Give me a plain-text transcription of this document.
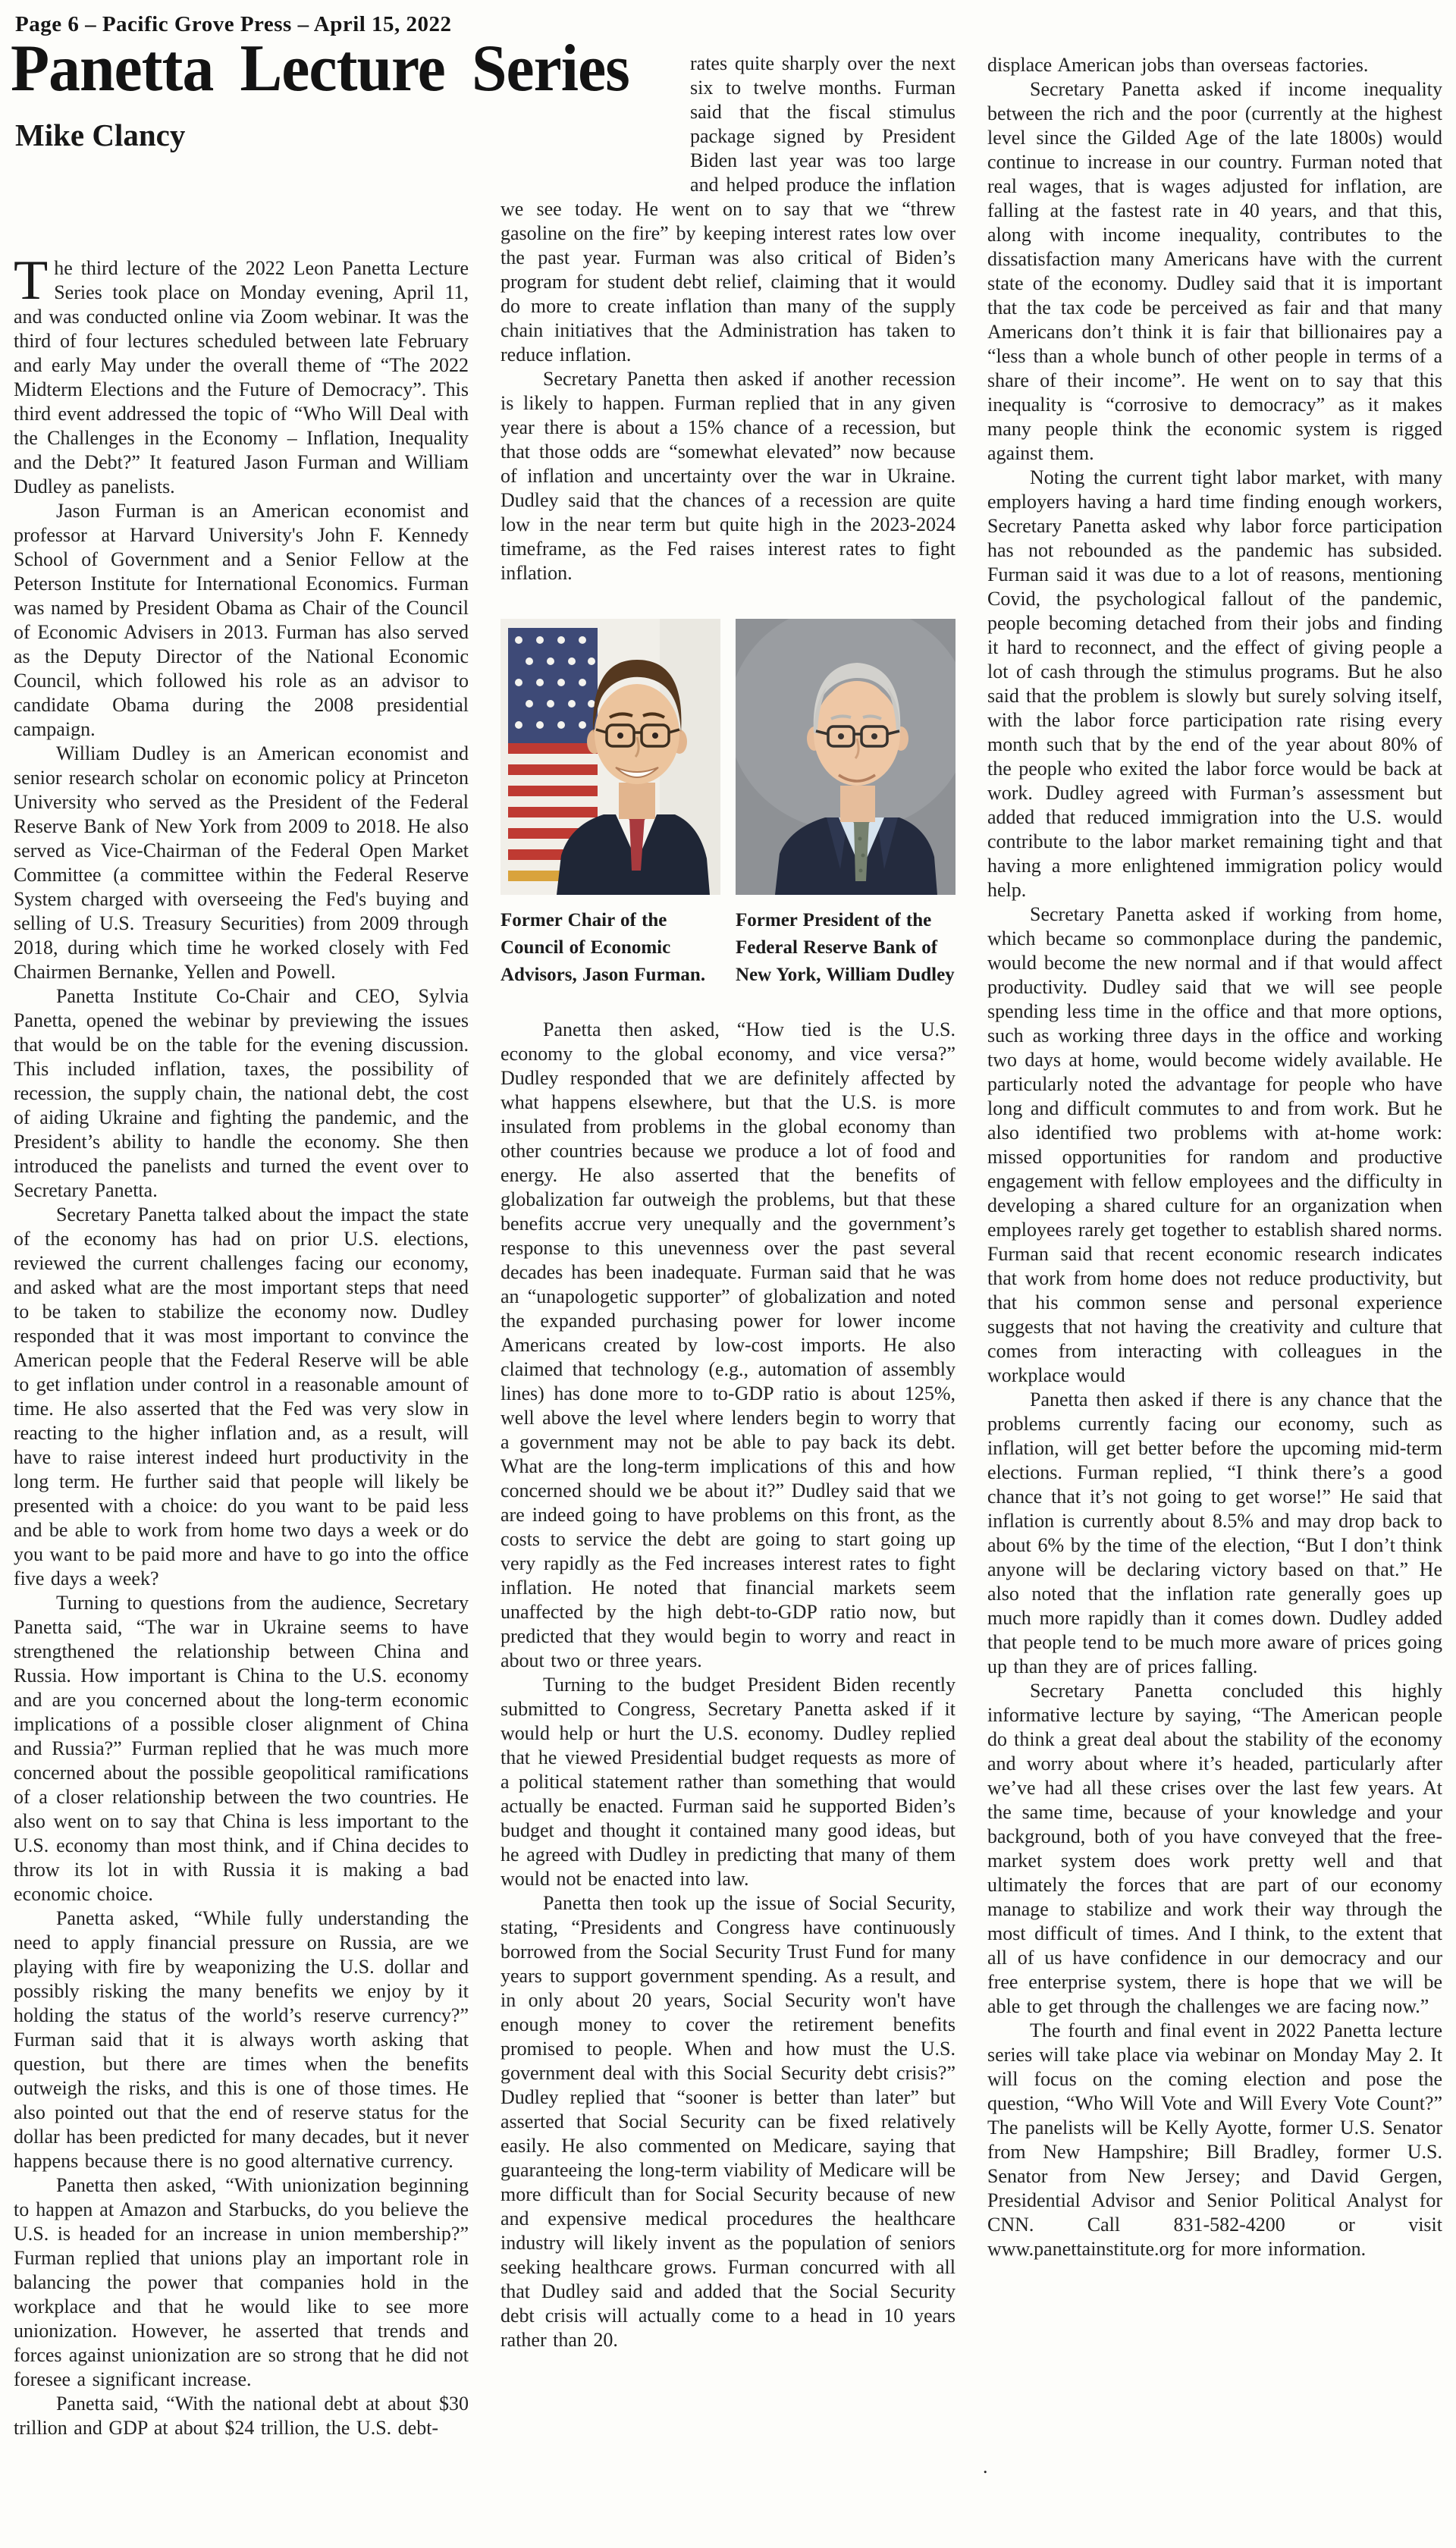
Page 6 – Pacific Grove Press – April 15, 2022
Panetta Lecture Series
Mike Clancy

The third lecture of the 2022 Leon Panetta Lecture Series took place on Monday evening, April 11, and was conducted online via Zoom webinar. It was the third of four lectures scheduled between late February and early May under the overall theme of “The 2022 Midterm Elections and the Future of Democracy”. This third event addressed the topic of “Who Will Deal with the Challenges in the Economy – Inflation, Inequality and the Debt?” It featured Jason Furman and William Dudley as panelists.

Jason Furman is an American economist and professor at Harvard University's John F. Kennedy School of Government and a Senior Fellow at the Peterson Institute for International Economics. Furman was named by President Obama as Chair of the Council of Economic Advisers in 2013. Furman has also served as the Deputy Director of the National Economic Council, which followed his role as an advisor to candidate Obama during the 2008 presidential campaign.

William Dudley is an American economist and senior research scholar on economic policy at Princeton University who served as the President of the Federal Reserve Bank of New York from 2009 to 2018. He also served as Vice-Chairman of the Federal Open Market Committee (a committee within the Federal Reserve System charged with overseeing the Fed's buying and selling of U.S. Treasury Securities) from 2009 through 2018, during which time he worked closely with Fed Chairmen Bernanke, Yellen and Powell.

Panetta Institute Co-Chair and CEO, Sylvia Panetta, opened the webinar by previewing the issues that would be on the table for the evening discussion. This included inflation, taxes, the possibility of recession, the supply chain, the national debt, the cost of aiding Ukraine and fighting the pandemic, and the President’s ability to handle the economy. She then introduced the panelists and turned the event over to Secretary Panetta.

Secretary Panetta talked about the impact the state of the economy has had on prior U.S. elections, reviewed the current challenges facing our economy, and asked what are the most important steps that need to be taken to stabilize the economy now. Dudley responded that it was most important to convince the American people that the Federal Reserve will be able to get inflation under control in a reasonable amount of time. He also asserted that the Fed was very slow in reacting to the higher inflation and, as a result, will have to raise interest indeed hurt productivity in the long term. He further said that people will likely be presented with a choice: do you want to be paid less and be able to work from home two days a week or do you want to be paid more and have to go into the office five days a week?

Turning to questions from the audience, Secretary Panetta said, “The war in Ukraine seems to have strengthened the relationship between China and Russia. How important is China to the U.S. economy and are you concerned about the long-term economic implications of a possible closer alignment of China and Russia?” Furman replied that he was much more concerned about the possible geopolitical ramifications of a closer relationship between the two countries. He also went on to say that China is less important to the U.S. economy than most think, and if China decides to throw its lot in with Russia it is making a bad economic choice.

Panetta asked, “While fully understanding the need to apply financial pressure on Russia, are we playing with fire by weaponizing the U.S. dollar and possibly risking the many benefits we enjoy by it holding the status of the world’s reserve currency?” Furman said that it is always worth asking that question, but there are times when the benefits outweigh the risks, and this is one of those times. He also pointed out that the end of reserve status for the dollar has been predicted for many decades, but it never happens because there is no good alternative currency.

Panetta then asked, “With unionization beginning to happen at Amazon and Starbucks, do you believe the U.S. is headed for an increase in union membership?” Furman replied that unions play an important role in balancing the power that companies hold in the workplace and that he would like to see more unionization. However, he asserted that trends and forces against unionization are so strong that he did not foresee a significant increase.

Panetta said, “With the national debt at about $30 trillion and GDP at about $24 trillion, the U.S. debt-

rates quite sharply over the next six to twelve months. Furman said that the fiscal stimulus package signed by President Biden last year was too large and helped produce the inflation we see today. He went on to say that we “threw gasoline on the fire” by keeping interest rates low over the past year. Furman was also critical of Biden’s program for student debt relief, claiming that it would do more to create inflation than many of the supply chain initiatives that the Administration has taken to reduce inflation.

Secretary Panetta then asked if another recession is likely to happen. Furman replied that in any given year there is about a 15% chance of a recession, but that those odds are “somewhat elevated” now because of inflation and uncertainty over the war in Ukraine. Dudley said that the chances of a recession are quite low in the near term but quite high in the 2023-2024 timeframe, as the Fed raises interest rates to fight inflation.

Former Chair of the Council of Economic Advisors, Jason Furman.
Former President of the Federal Reserve Bank of New York, William Dudley

Panetta then asked, “How tied is the U.S. economy to the global economy, and vice versa?” Dudley responded that we are definitely affected by what happens elsewhere, but that the U.S. is more insulated from problems in the global economy than other countries because we produce a lot of food and energy. He also asserted that the benefits of globalization far outweigh the problems, but that these benefits accrue very unequally and the government’s response to this unevenness over the past several decades has been inadequate. Furman said that he was an “unapologetic supporter” of globalization and noted the expanded purchasing power for lower income Americans created by low-cost imports. He also claimed that technology (e.g., automation of assembly lines) has done more to to-GDP ratio is about 125%, well above the level where lenders begin to worry that a government may not be able to pay back its debt. What are the long-term implications of this and how concerned should we be about it?” Dudley said that we are indeed going to have problems on this front, as the costs to service the debt are going to start going up very rapidly as the Fed increases interest rates to fight inflation. He noted that financial markets seem unaffected by the high debt-to-GDP ratio now, but predicted that they would begin to worry and react in about two or three years.

Turning to the budget President Biden recently submitted to Congress, Secretary Panetta asked if it would help or hurt the U.S. economy. Dudley replied that he viewed Presidential budget requests as more of a political statement rather than something that would actually be enacted. Furman said he supported Biden’s budget and thought it contained many good ideas, but he agreed with Dudley in predicting that many of them would not be enacted into law.

Panetta then took up the issue of Social Security, stating, “Presidents and Congress have continuously borrowed from the Social Security Trust Fund for many years to support government spending. As a result, and in only about 20 years, Social Security won't have enough money to cover the retirement benefits promised to people. When and how must the U.S. government deal with this Social Security debt crisis?” Dudley replied that “sooner is better than later” but asserted that Social Security can be fixed relatively easily. He also commented on Medicare, saying that guaranteeing the long-term viability of Medicare will be more difficult than for Social Security because of new and expensive medical procedures the healthcare industry will likely invent as the population of seniors seeking healthcare grows. Furman concurred with all that Dudley said and added that the Social Security debt crisis will actually come to a head in 10 years rather than 20.

displace American jobs than overseas factories.

Secretary Panetta asked if income inequality between the rich and the poor (currently at the highest level since the Gilded Age of the late 1800s) would continue to increase in our country. Furman noted that real wages, that is wages adjusted for inflation, are falling at the fastest rate in 40 years, and that this, along with income inequality, contributes to the dissatisfaction many Americans have with the current state of the economy. Dudley said that it is important that the tax code be perceived as fair and that many Americans don’t think it is fair that billionaires pay a “less than a whole bunch of other people in terms of a share of their income”. He went on to say that this inequality is “corrosive to democracy” as it makes many people think the economic system is rigged against them.

Noting the current tight labor market, with many employers having a hard time finding enough workers, Secretary Panetta asked why labor force participation has not rebounded as the pandemic has subsided. Furman said it was due to a lot of reasons, mentioning Covid, the psychological fallout of the pandemic, people becoming detached from their jobs and finding it hard to reconnect, and the effect of giving people a lot of cash through the stimulus programs. But he also said that the problem is slowly but surely solving itself, with the labor force participation rate rising every month such that by the end of the year about 80% of the people who exited the labor force would be back at work. Dudley agreed with Furman’s assessment but added that reduced immigration into the U.S. would contribute to the labor market remaining tight and that having a more enlightened immigration policy would help.

Secretary Panetta asked if working from home, which became so commonplace during the pandemic, would become the new normal and if that would affect productivity. Dudley said that we will see people spending less time in the office and that more options, such as working three days in the office and working two days at home, would become widely available. He particularly noted the advantage for people who have long and difficult commutes to and from work. But he also identified two problems with at-home work: missed opportunities for random and productive engagement with fellow employees and the difficulty in developing a shared culture for an organization when employees rarely get together to establish shared norms. Furman said that recent economic research indicates that work from home does not reduce productivity, but that his common sense and personal experience suggests that not having the creativity and culture that comes from interacting with colleagues in the workplace would

Panetta then asked if there is any chance that the problems currently facing our economy, such as inflation, will get better before the upcoming mid-term elections. Furman replied, “I think there’s a good chance that it’s not going to get worse!” He said that inflation is currently about 8.5% and may drop back to about 6% by the time of the election, “But I don’t think anyone will be declaring victory based on that.” He also noted that the inflation rate generally goes up much more rapidly than it comes down. Dudley added that people tend to be much more aware of prices going up than they are of prices falling.

Secretary Panetta concluded this highly informative lecture by saying, “The American people do think a great deal about the stability of the economy and worry about where it’s headed, particularly after we’ve had all these crises over the last few years. At the same time, because of your knowledge and your background, both of you have conveyed that the free-market system does work pretty well and that ultimately the forces that are part of our economy manage to stabilize and work their way through the most difficult of times. And I think, to the extent that all of us have confidence in our democracy and our free enterprise system, there is hope that we will be able to get through the challenges we are facing now.”

The fourth and final event in 2022 Panetta lecture series will take place via webinar on Monday May 2. It will focus on the coming election and pose the question, “Who Will Vote and Will Every Vote Count?” The panelists will be Kelly Ayotte, former U.S. Senator from New Hampshire; Bill Bradley, former U.S. Senator from New Jersey; and David Gergen, Presidential Advisor and Senior Political Analyst for CNN. Call 831-582-4200 or visit www.panettainstitute.org for more information.

.
